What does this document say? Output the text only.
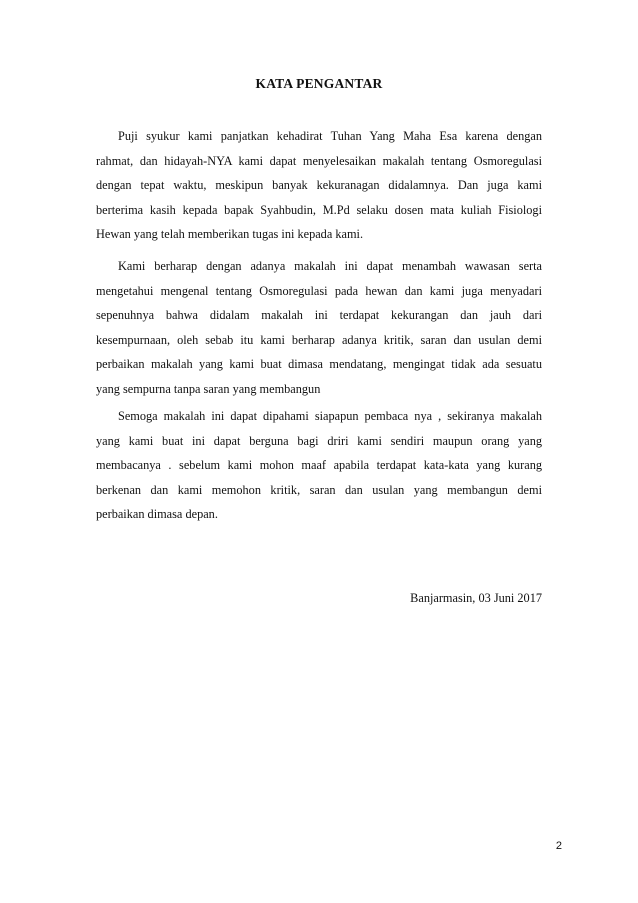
KATA PENGANTAR
Puji syukur kami panjatkan kehadirat Tuhan Yang Maha Esa karena dengan
rahmat, dan hidayah-NYA kami dapat menyelesaikan makalah tentang Osmoregulasi
dengan tepat waktu, meskipun banyak kekuranagan didalamnya. Dan juga kami
berterima kasih kepada bapak Syahbudin, M.Pd selaku dosen mata kuliah Fisiologi
Hewan yang telah memberikan tugas ini kepada kami.
Kami berharap dengan adanya makalah ini dapat menambah wawasan serta
mengetahui mengenal tentang Osmoregulasi pada hewan dan kami juga menyadari
sepenuhnya bahwa didalam makalah ini terdapat kekurangan dan jauh dari
kesempurnaan, oleh sebab itu kami berharap adanya kritik, saran dan usulan demi
perbaikan makalah yang kami buat dimasa mendatang, mengingat tidak ada sesuatu
yang sempurna tanpa saran yang membangun
Semoga makalah ini dapat dipahami siapapun pembaca nya , sekiranya makalah
yang kami buat ini dapat berguna bagi driri kami sendiri maupun orang yang
membacanya . sebelum kami mohon maaf apabila terdapat kata-kata yang kurang
berkenan dan kami memohon kritik, saran dan usulan yang membangun demi
perbaikan dimasa depan.
Banjarmasin, 03 Juni 2017
2
